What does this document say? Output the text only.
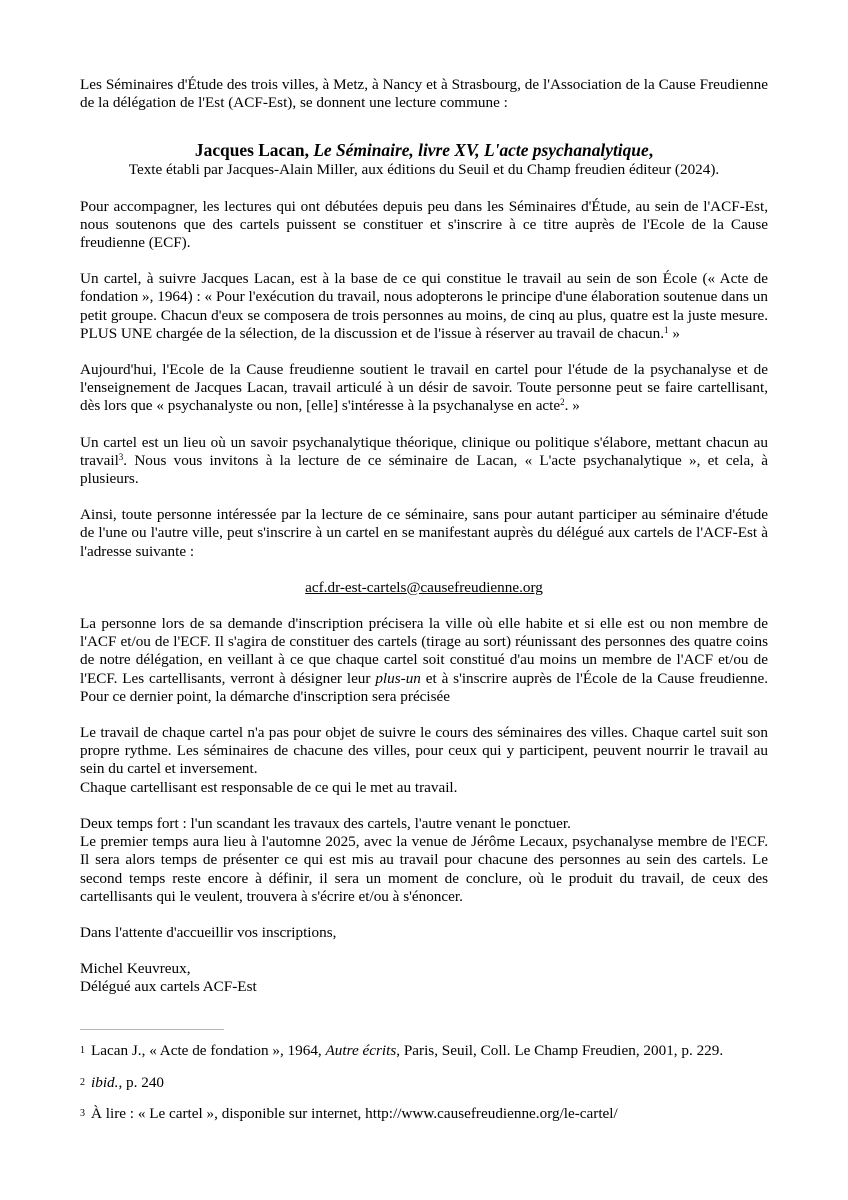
Les Séminaires d'Étude des trois villes, à Metz, à Nancy et à Strasbourg, de l'Association de la Cause Freudienne de la délégation de l'Est (ACF-Est), se donnent une lecture commune :

Jacques Lacan, Le Séminaire, livre XV, L'acte psychanalytique,

Texte établi par Jacques-Alain Miller, aux éditions du Seuil et du Champ freudien éditeur (2024).

Pour accompagner, les lectures qui ont débutées depuis peu dans les Séminaires d'Étude, au sein de l'ACF-Est, nous soutenons que des cartels puissent se constituer et s'inscrire à ce titre auprès de l'Ecole de la Cause freudienne (ECF).

Un cartel, à suivre Jacques Lacan, est à la base de ce qui constitue le travail au sein de son École (« Acte de fondation », 1964) : « Pour l'exécution du travail, nous adopterons le principe d'une élaboration soutenue dans un petit groupe. Chacun d'eux se composera de trois personnes au moins, de cinq au plus, quatre est la juste mesure. PLUS UNE chargée de la sélection, de la discussion et de l'issue à réserver au travail de chacun.$^1$ »

Aujourd'hui, l'Ecole de la Cause freudienne soutient le travail en cartel pour l'étude de la psychanalyse et de l'enseignement de Jacques Lacan, travail articulé à un désir de savoir. Toute personne peut se faire cartellisant, dès lors que « psychanalyste ou non, [elle] s'intéresse à la psychanalyse en acte$^2$. »

Un cartel est un lieu où un savoir psychanalytique théorique, clinique ou politique s'élabore, mettant chacun au travail$^3$. Nous vous invitons à la lecture de ce séminaire de Lacan, « L'acte psychanalytique », et cela, à plusieurs.

Ainsi, toute personne intéressée par la lecture de ce séminaire, sans pour autant participer au séminaire d'étude de l'une ou l'autre ville, peut s'inscrire à un cartel en se manifestant auprès du délégué aux cartels de l'ACF-Est à l'adresse suivante :

acf.dr-est-cartels@causefreudienne.org

La personne lors de sa demande d'inscription précisera la ville où elle habite et si elle est ou non membre de l'ACF et/ou de l'ECF. Il s'agira de constituer des cartels (tirage au sort) réunissant des personnes des quatre coins de notre délégation, en veillant à ce que chaque cartel soit constitué d'au moins un membre de l'ACF et/ou de l'ECF. Les cartellisants, verront à désigner leur plus-un et à s'inscrire auprès de l'École de la Cause freudienne. Pour ce dernier point, la démarche d'inscription sera précisée

Le travail de chaque cartel n'a pas pour objet de suivre le cours des séminaires des villes. Chaque cartel suit son propre rythme. Les séminaires de chacune des villes, pour ceux qui y participent, peuvent nourrir le travail au sein du cartel et inversement.

Chaque cartellisant est responsable de ce qui le met au travail.

Deux temps fort : l'un scandant les travaux des cartels, l'autre venant le ponctuer.

Le premier temps aura lieu à l'automne 2025, avec la venue de Jérôme Lecaux, psychanalyse membre de l'ECF. Il sera alors temps de présenter ce qui est mis au travail pour chacune des personnes au sein des cartels. Le second temps reste encore à définir, il sera un moment de conclure, où le produit du travail, de ceux des cartellisants qui le veulent, trouvera à s'écrire et/ou à s'énoncer.

Dans l'attente d'accueillir vos inscriptions,

Michel Keuvreux,

Délégué aux cartels ACF-Est

1 Lacan J., « Acte de fondation », 1964, Autre écrits, Paris, Seuil, Coll. Le Champ Freudien, 2001, p. 229.
2 ibid., p. 240
3 À lire : « Le cartel », disponible sur internet, http://www.causefreudienne.org/le-cartel/
